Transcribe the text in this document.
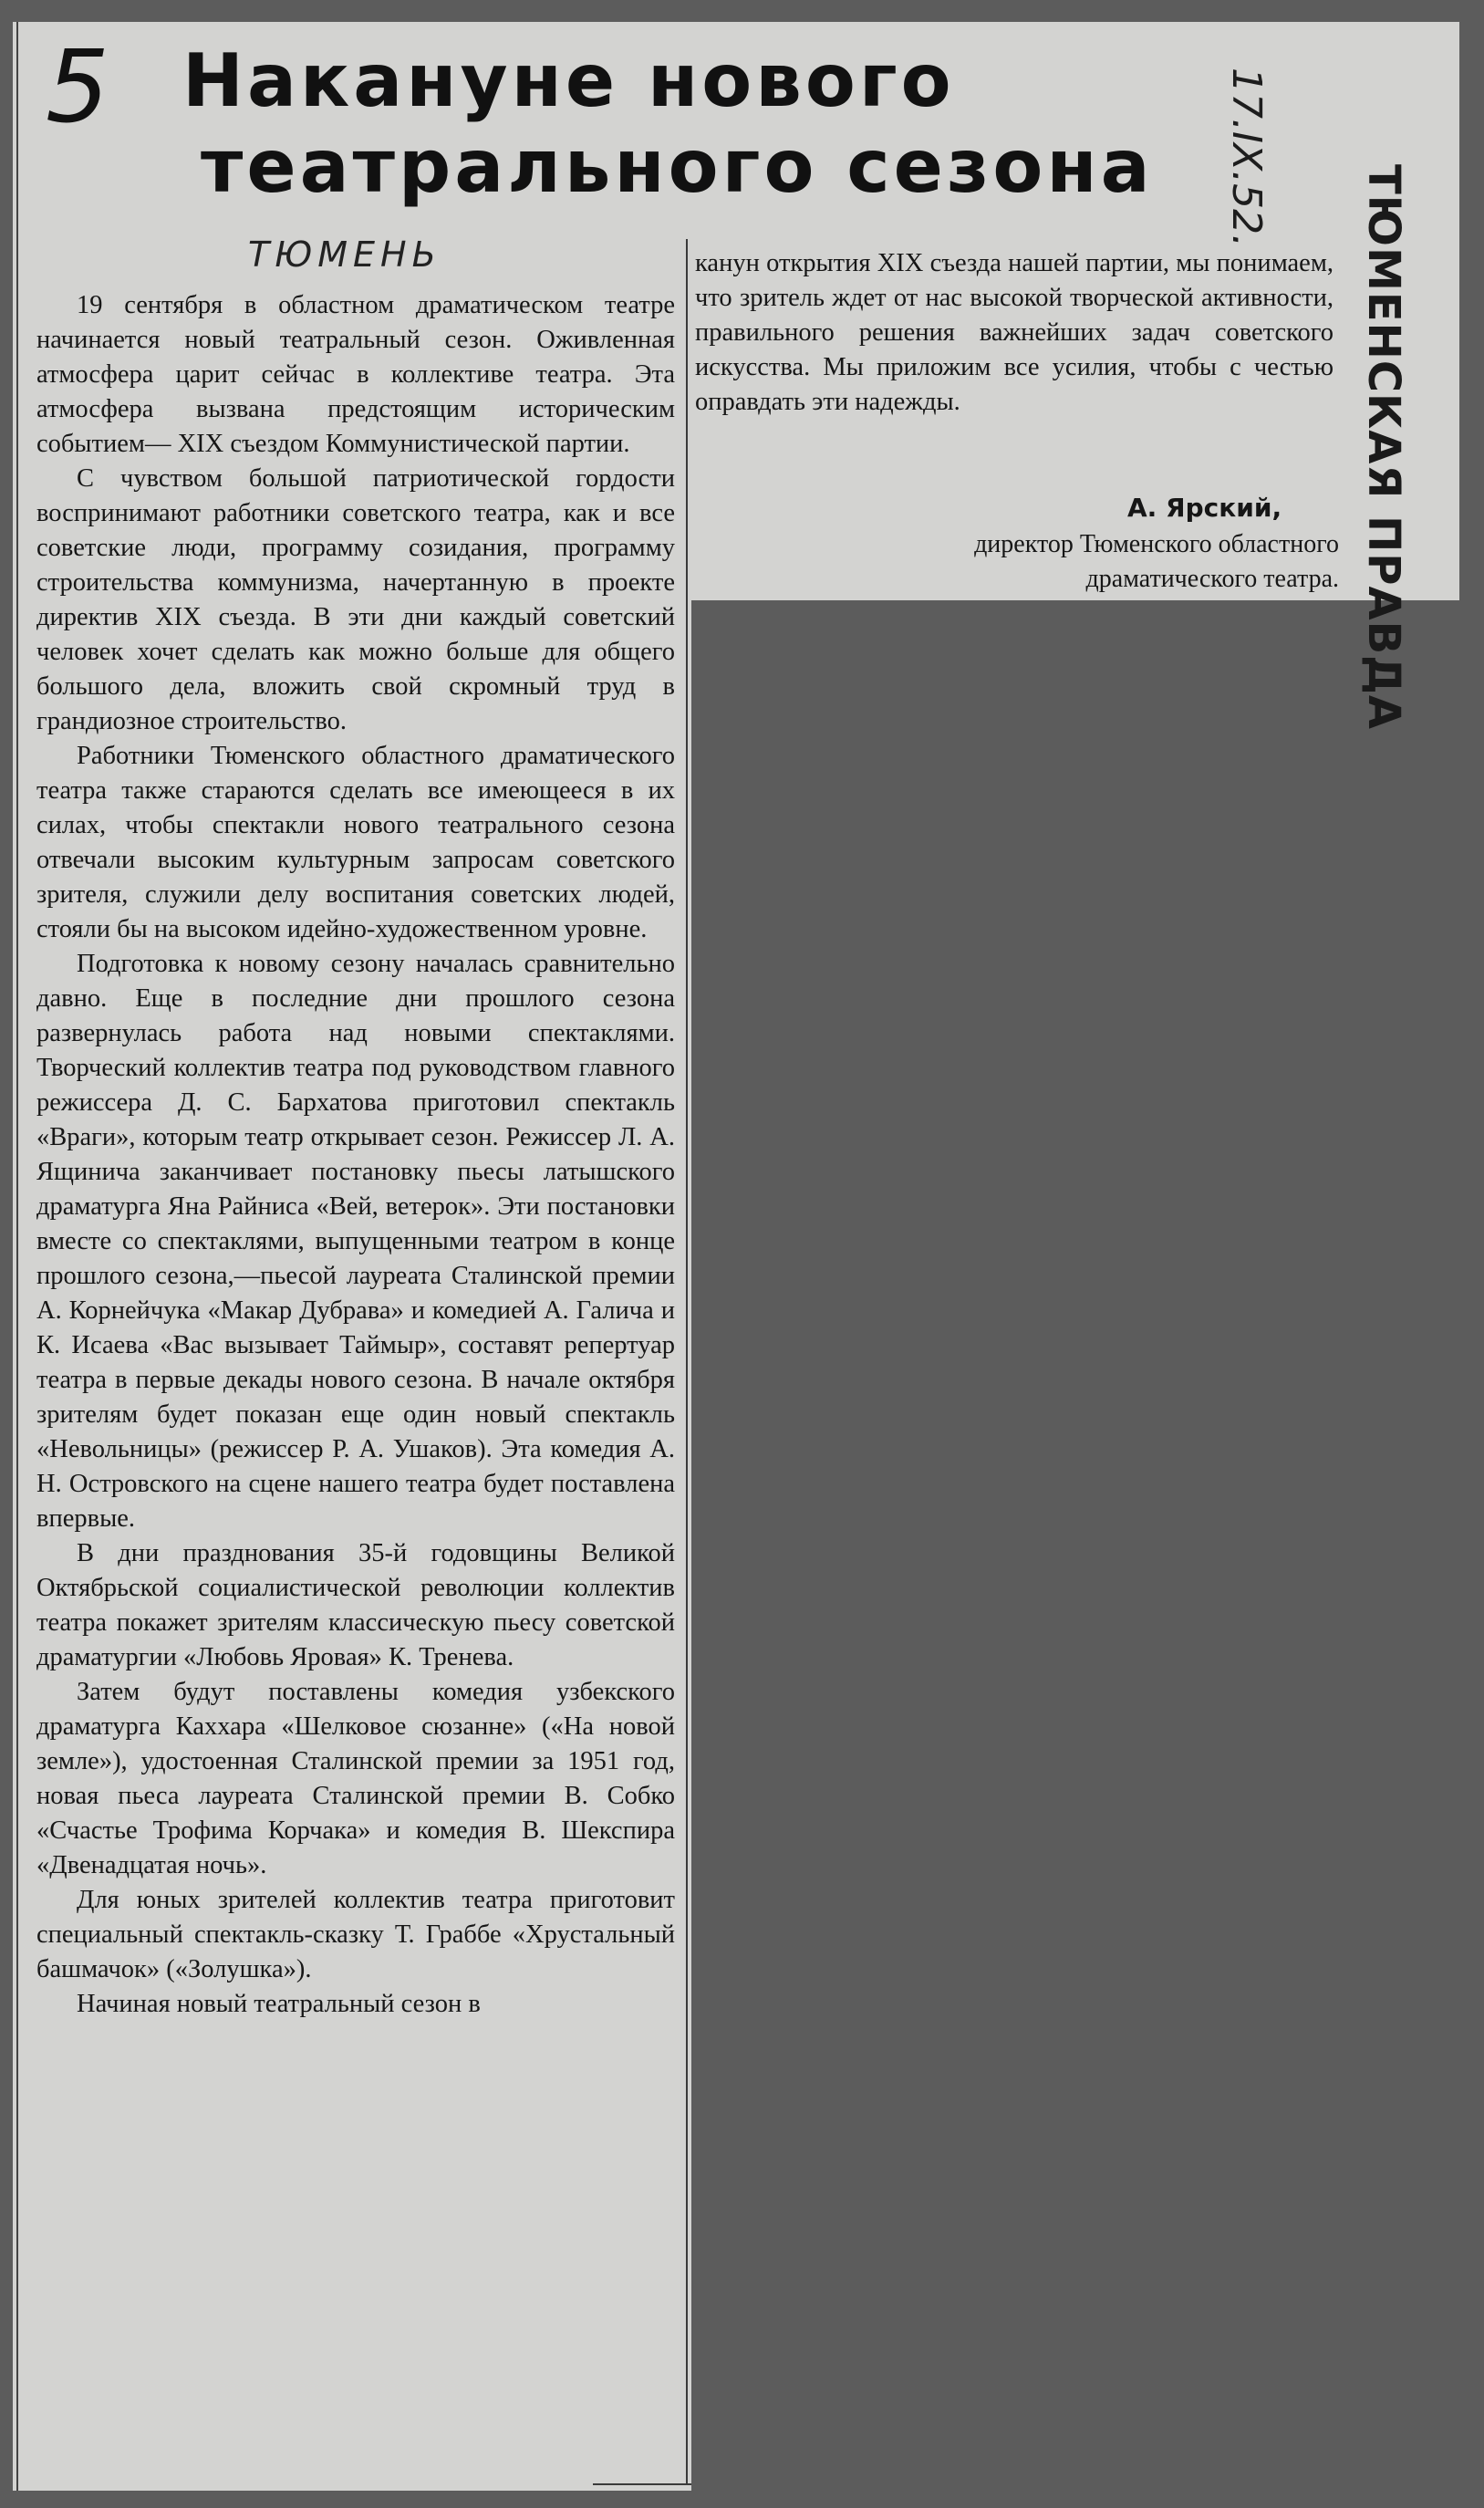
5 Накануне нового
театрального сезона	17.IX.52.
ТЮМЕНСКАЯ ПРАВДА
ТЮМЕНЬ

19 сентября в областном драматическом театре начинается новый театральный сезон. Оживленная атмосфера царит сейчас в коллективе театра. Эта атмосфера вызвана предстоящим историческим событием— XIX съездом Коммунистической партии.

С чувством большой патриотической гордости воспринимают работники советского театра, как и все советские люди, программу созидания, программу строительства коммунизма, начертанную в проекте директив XIX съезда. В эти дни каждый советский человек хочет сделать как можно больше для общего большого дела, вложить свой скромный труд в грандиозное строительство.

Работники Тюменского областного драматического театра также стараются сделать все имеющееся в их силах, чтобы спектакли нового театрального сезона отвечали высоким культурным запросам советского зрителя, служили делу воспитания советских людей, стояли бы на высоком идейно-художественном уровне.

Подготовка к новому сезону началась сравнительно давно. Еще в последние дни прошлого сезона развернулась работа над новыми спектаклями. Творческий коллектив театра под руководством главного режиссера Д. С. Бархатова приготовил спектакль «Враги», которым театр открывает сезон. Режиссер Л. А. Ящинича заканчивает постановку пьесы латышского драматурга Яна Райниса «Вей, ветерок». Эти постановки вместе со спектаклями, выпущенными театром в конце прошлого сезона,—пьесой лауреата Сталинской премии А. Корнейчука «Макар Дубрава» и комедией А. Галича и К. Исаева «Вас вызывает Таймыр», составят репертуар театра в первые декады нового сезона. В начале октября зрителям будет показан еще один новый спектакль «Невольницы» (режиссер Р. А. Ушаков). Эта комедия А. Н. Островского на сцене нашего театра будет поставлена впервые.

В дни празднования 35-й годовщины Великой Октябрьской социалистической революции коллектив театра покажет зрителям классическую пьесу советской драматургии «Любовь Яровая» К. Тренева.

Затем будут поставлены комедия узбекского драматурга Каххара «Шелковое сюзанне» («На новой земле»), удостоенная Сталинской премии за 1951 год, новая пьеса лауреата Сталинской премии В. Собко «Счастье Трофима Корчака» и комедия В. Шекспира «Двенадцатая ночь».

Для юных зрителей коллектив театра приготовит специальный спектакль-сказку Т. Граббе «Хрустальный башмачок» («Золушка»).

Начиная новый театральный сезон в

канун открытия XIX съезда нашей партии, мы понимаем, что зритель ждет от нас высокой творческой активности, правильного решения важнейших задач советского искусства. Мы приложим все усилия, чтобы с честью оправдать эти надежды.

А. Ярский,
директор Тюменского областного драматического театра.
